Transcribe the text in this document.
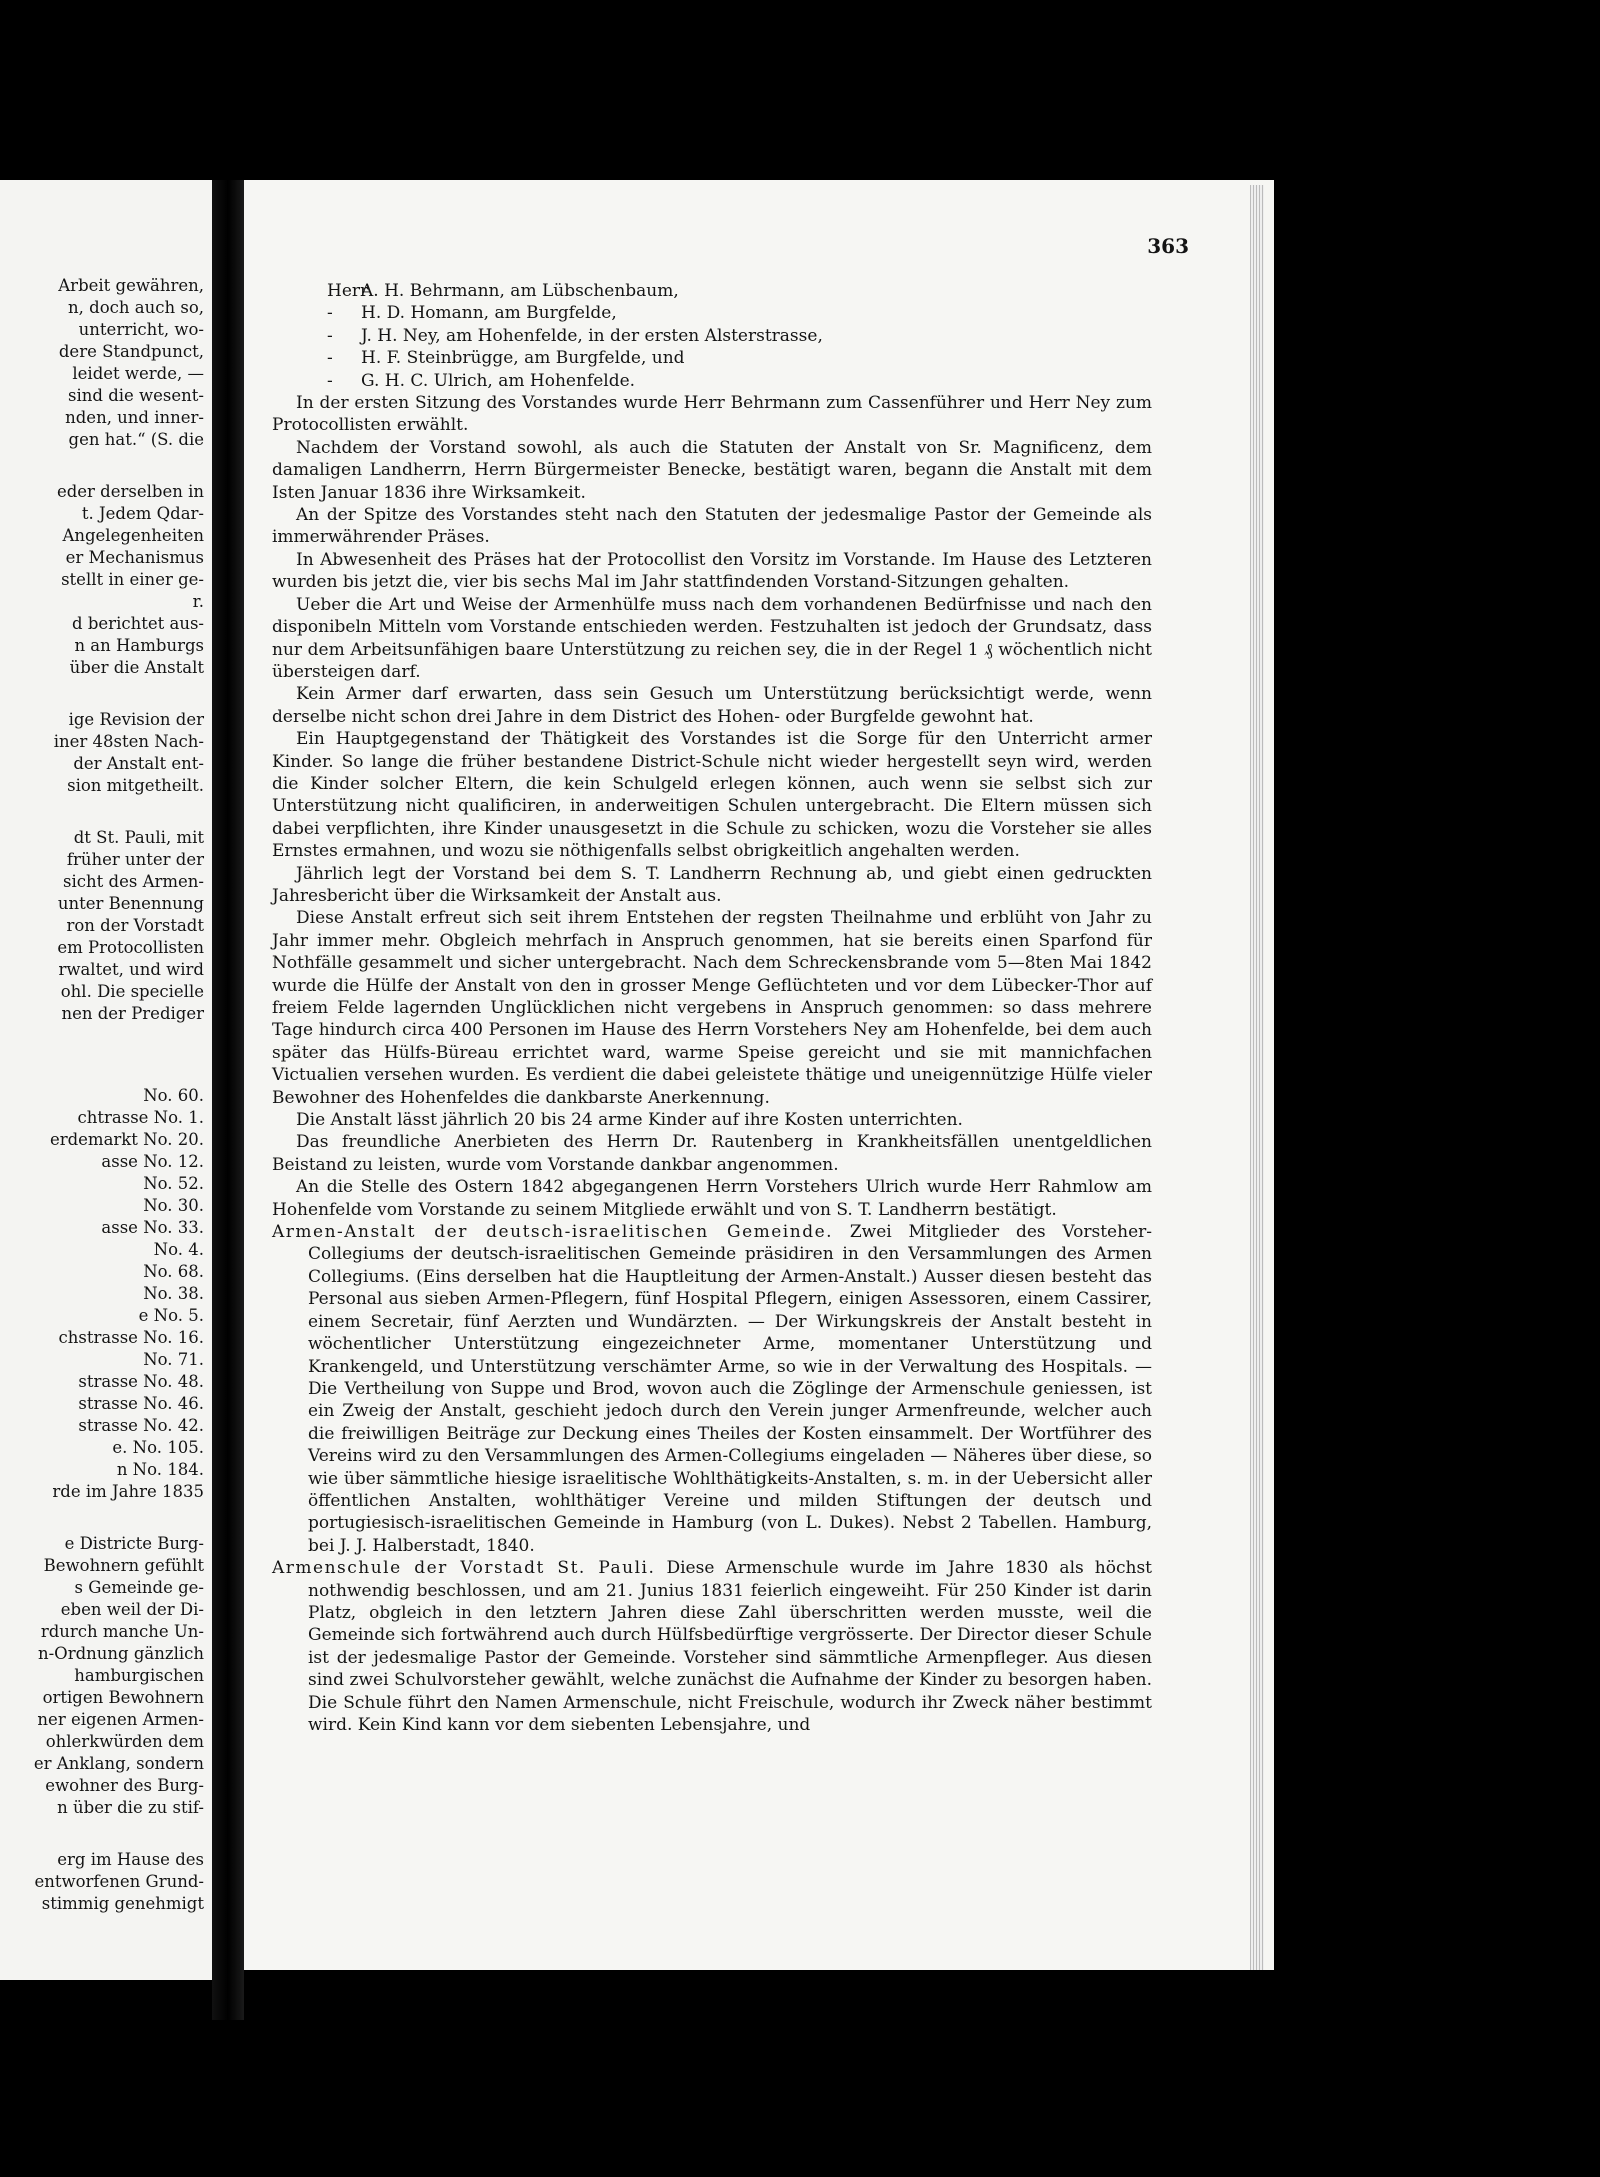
Arbeit gewähren,
n, doch auch so,
unterricht, wo-
dere Standpunct,
leidet werde, —
sind die wesent-
nden, und inner-
gen hat.“ (S. die
eder derselben in
t. Jedem Qdar-
Angelegenheiten
er Mechanismus
stellt in einer ge-
r.
d berichtet aus-
n an Hamburgs
über die Anstalt
ige Revision der
iner 48sten Nach-
der Anstalt ent-
sion mitgetheilt.
dt St. Pauli, mit
früher unter der
sicht des Armen-
unter Benennung
ron der Vorstadt
em Protocollisten
rwaltet, und wird
ohl. Die specielle
nen der Prediger
No. 60.
chtrasse No. 1.
erdemarkt No. 20.
asse No. 12.
No. 52.
No. 30.
asse No. 33.
No. 4.
No. 68.
No. 38.
e No. 5.
chstrasse No. 16.
No. 71.
strasse No. 48.
strasse No. 46.
strasse No. 42.
e. No. 105.
n No. 184.
rde im Jahre 1835
e Districte Burg-
Bewohnern gefühlt
s Gemeinde ge-
eben weil der Di-
rdurch manche Un-
n-Ordnung gänzlich
hamburgischen
ortigen Bewohnern
ner eigenen Armen-
ohlerkwürden dem
er Anklang, sondern
ewohner des Burg-
n über die zu stif-
erg im Hause des
entworfenen Grund-
stimmig genehmigt
363
HerrA. H. Behrmann, am Lübschenbaum,
- H. D. Homann, am Burgfelde,
- J. H. Ney, am Hohenfelde, in der ersten Alsterstrasse,
- H. F. Steinbrügge, am Burgfelde, und
- G. H. C. Ulrich, am Hohenfelde.

In der ersten Sitzung des Vorstandes wurde Herr Behrmann zum Cassenführer und Herr Ney zum Protocollisten erwählt.

Nachdem der Vorstand sowohl, als auch die Statuten der Anstalt von Sr. Magnificenz, dem damaligen Landherrn, Herrn Bürgermeister Benecke, bestätigt waren, begann die Anstalt mit dem Isten Januar 1836 ihre Wirksamkeit.

An der Spitze des Vorstandes steht nach den Statuten der jedesmalige Pastor der Gemeinde als immerwährender Präses.

In Abwesenheit des Präses hat der Protocollist den Vorsitz im Vorstande. Im Hause des Letzteren wurden bis jetzt die, vier bis sechs Mal im Jahr stattfindenden Vorstand-Sitzungen gehalten.

Ueber die Art und Weise der Armenhülfe muss nach dem vorhandenen Bedürfnisse und nach den disponibeln Mitteln vom Vorstande entschieden werden. Festzuhalten ist jedoch der Grundsatz, dass nur dem Arbeitsunfähigen baare Unterstützung zu reichen sey, die in der Regel 1 ₰ wöchentlich nicht übersteigen darf.

Kein Armer darf erwarten, dass sein Gesuch um Unterstützung berücksichtigt werde, wenn derselbe nicht schon drei Jahre in dem District des Hohen- oder Burgfelde gewohnt hat.

Ein Hauptgegenstand der Thätigkeit des Vorstandes ist die Sorge für den Unterricht armer Kinder. So lange die früher bestandene District-Schule nicht wieder hergestellt seyn wird, werden die Kinder solcher Eltern, die kein Schulgeld erlegen können, auch wenn sie selbst sich zur Unterstützung nicht qualificiren, in anderweitigen Schulen untergebracht. Die Eltern müssen sich dabei verpflichten, ihre Kinder unausgesetzt in die Schule zu schicken, wozu die Vorsteher sie alles Ernstes ermahnen, und wozu sie nöthigenfalls selbst obrigkeitlich angehalten werden.

Jährlich legt der Vorstand bei dem S. T. Landherrn Rechnung ab, und giebt einen gedruckten Jahresbericht über die Wirksamkeit der Anstalt aus.

Diese Anstalt erfreut sich seit ihrem Entstehen der regsten Theilnahme und erblüht von Jahr zu Jahr immer mehr. Obgleich mehrfach in Anspruch genommen, hat sie bereits einen Sparfond für Nothfälle gesammelt und sicher untergebracht. Nach dem Schreckensbrande vom 5—8ten Mai 1842 wurde die Hülfe der Anstalt von den in grosser Menge Geflüchteten und vor dem Lübecker-Thor auf freiem Felde lagernden Unglücklichen nicht vergebens in Anspruch genommen: so dass mehrere Tage hindurch circa 400 Personen im Hause des Herrn Vorstehers Ney am Hohenfelde, bei dem auch später das Hülfs-Büreau errichtet ward, warme Speise gereicht und sie mit mannichfachen Victualien versehen wurden. Es verdient die dabei geleistete thätige und uneigennützige Hülfe vieler Bewohner des Hohenfeldes die dankbarste Anerkennung.

Die Anstalt lässt jährlich 20 bis 24 arme Kinder auf ihre Kosten unterrichten.

Das freundliche Anerbieten des Herrn Dr. Rautenberg in Krankheitsfällen unentgeldlichen Beistand zu leisten, wurde vom Vorstande dankbar angenommen.

An die Stelle des Ostern 1842 abgegangenen Herrn Vorstehers Ulrich wurde Herr Rahmlow am Hohenfelde vom Vorstande zu seinem Mitgliede erwählt und von S. T. Landherrn bestätigt.

Armen-Anstalt der deutsch-israelitischen Gemeinde. Zwei Mitglieder des Vorsteher-Collegiums der deutsch-israelitischen Gemeinde präsidiren in den Versammlungen des Armen Collegiums. (Eins derselben hat die Hauptleitung der Armen-Anstalt.) Ausser diesen besteht das Personal aus sieben Armen-Pflegern, fünf Hospital Pflegern, einigen Assessoren, einem Cassirer, einem Secretair, fünf Aerzten und Wundärzten. — Der Wirkungskreis der Anstalt besteht in wöchentlicher Unterstützung eingezeichneter Arme, momentaner Unterstützung und Krankengeld, und Unterstützung verschämter Arme, so wie in der Verwaltung des Hospitals. — Die Vertheilung von Suppe und Brod, wovon auch die Zöglinge der Armenschule geniessen, ist ein Zweig der Anstalt, geschieht jedoch durch den Verein junger Armenfreunde, welcher auch die freiwilligen Beiträge zur Deckung eines Theiles der Kosten einsammelt. Der Wortführer des Vereins wird zu den Versammlungen des Armen-Collegiums eingeladen — Näheres über diese, so wie über sämmtliche hiesige israelitische Wohlthätigkeits-Anstalten, s. m. in der Uebersicht aller öffentlichen Anstalten, wohlthätiger Vereine und milden Stiftungen der deutsch und portugiesisch-israelitischen Gemeinde in Hamburg (von L. Dukes). Nebst 2 Tabellen. Hamburg, bei J. J. Halberstadt, 1840.

Armenschule der Vorstadt St. Pauli. Diese Armenschule wurde im Jahre 1830 als höchst nothwendig beschlossen, und am 21. Junius 1831 feierlich eingeweiht. Für 250 Kinder ist darin Platz, obgleich in den letztern Jahren diese Zahl überschritten werden musste, weil die Gemeinde sich fortwährend auch durch Hülfsbedürftige vergrösserte. Der Director dieser Schule ist der jedesmalige Pastor der Gemeinde. Vorsteher sind sämmtliche Armenpfleger. Aus diesen sind zwei Schulvorsteher gewählt, welche zunächst die Aufnahme der Kinder zu besorgen haben. Die Schule führt den Namen Armenschule, nicht Freischule, wodurch ihr Zweck näher bestimmt wird. Kein Kind kann vor dem siebenten Lebensjahre, und
